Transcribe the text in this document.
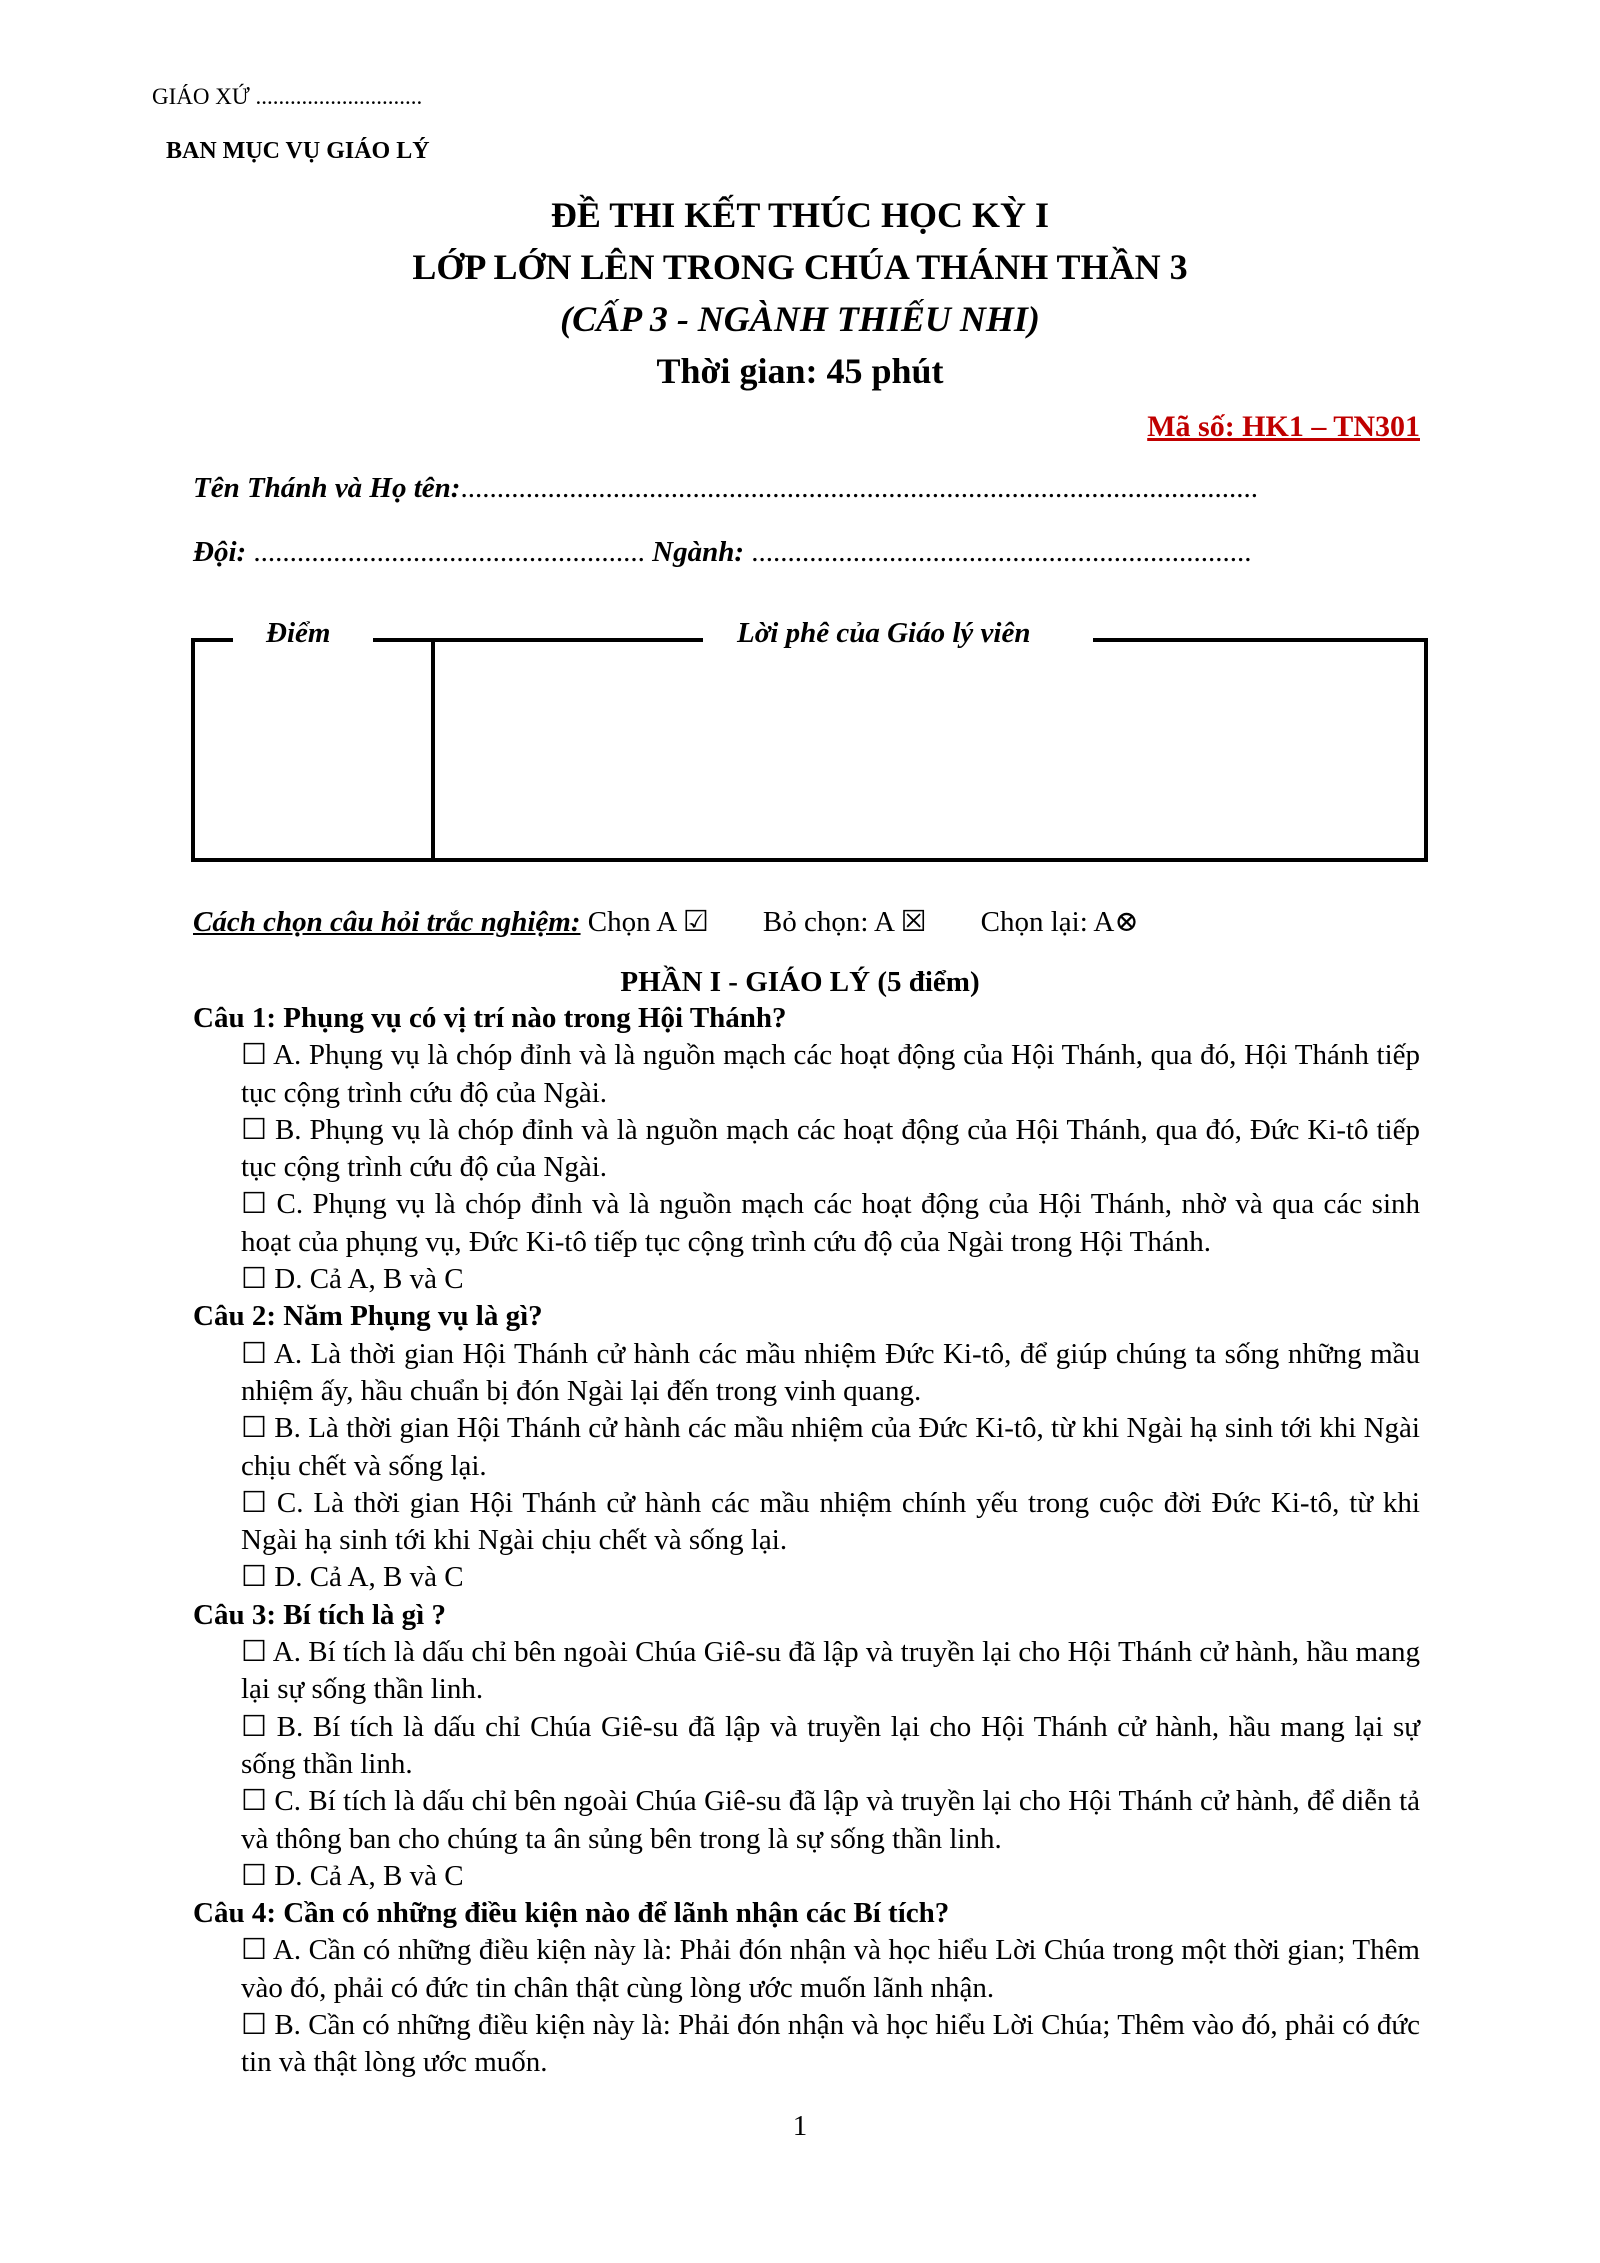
GIÁO XỨ .............................
BAN MỤC VỤ GIÁO LÝ
ĐỀ THI KẾT THÚC HỌC KỲ I
LỚP LỚN LÊN TRONG CHÚA THÁNH THẦN 3
(CẤP 3 - NGÀNH THIẾU NHI)
Thời gian: 45 phút
Mã số: HK1 – TN301
Tên Thánh và Họ tên:..............................................................................................................
Đội: ...................................................... Ngành: .....................................................................
Điểm	Lời phê của Giáo lý viên
Cách chọn câu hỏi trắc nghiệm: Chọn A ☑ Bỏ chọn: A ☒ Chọn lại: A⊗
PHẦN I - GIÁO LÝ (5 điểm)

Câu 1: Phụng vụ có vị trí nào trong Hội Thánh?

☐ A. Phụng vụ là chóp đỉnh và là nguồn mạch các hoạt động của Hội Thánh, qua đó, Hội Thánh tiếp tục cộng trình cứu độ của Ngài.

☐ B. Phụng vụ là chóp đỉnh và là nguồn mạch các hoạt động của Hội Thánh, qua đó, Đức Ki-tô tiếp tục cộng trình cứu độ của Ngài.

☐ C. Phụng vụ là chóp đỉnh và là nguồn mạch các hoạt động của Hội Thánh, nhờ và qua các sinh hoạt của phụng vụ, Đức Ki-tô tiếp tục cộng trình cứu độ của Ngài trong Hội Thánh.

☐ D. Cả A, B và C

Câu 2: Năm Phụng vụ là gì?

☐ A. Là thời gian Hội Thánh cử hành các mầu nhiệm Đức Ki-tô, để giúp chúng ta sống những mầu nhiệm ấy, hầu chuẩn bị đón Ngài lại đến trong vinh quang.

☐ B. Là thời gian Hội Thánh cử hành các mầu nhiệm của Đức Ki-tô, từ khi Ngài hạ sinh tới khi Ngài chịu chết và sống lại.

☐ C. Là thời gian Hội Thánh cử hành các mầu nhiệm chính yếu trong cuộc đời Đức Ki-tô, từ khi Ngài hạ sinh tới khi Ngài chịu chết và sống lại.

☐ D. Cả A, B và C

Câu 3: Bí tích là gì ?

☐ A. Bí tích là dấu chỉ bên ngoài Chúa Giê-su đã lập và truyền lại cho Hội Thánh cử hành, hầu mang lại sự sống thần linh.

☐ B. Bí tích là dấu chỉ Chúa Giê-su đã lập và truyền lại cho Hội Thánh cử hành, hầu mang lại sự sống thần linh.

☐ C. Bí tích là dấu chỉ bên ngoài Chúa Giê-su đã lập và truyền lại cho Hội Thánh cử hành, để diễn tả và thông ban cho chúng ta ân sủng bên trong là sự sống thần linh.

☐ D. Cả A, B và C

Câu 4: Cần có những điều kiện nào để lãnh nhận các Bí tích?

☐ A. Cần có những điều kiện này là: Phải đón nhận và học hiểu Lời Chúa trong một thời gian; Thêm vào đó, phải có đức tin chân thật cùng lòng ước muốn lãnh nhận.

☐ B. Cần có những điều kiện này là: Phải đón nhận và học hiểu Lời Chúa; Thêm vào đó, phải có đức tin và thật lòng ước muốn.

1
